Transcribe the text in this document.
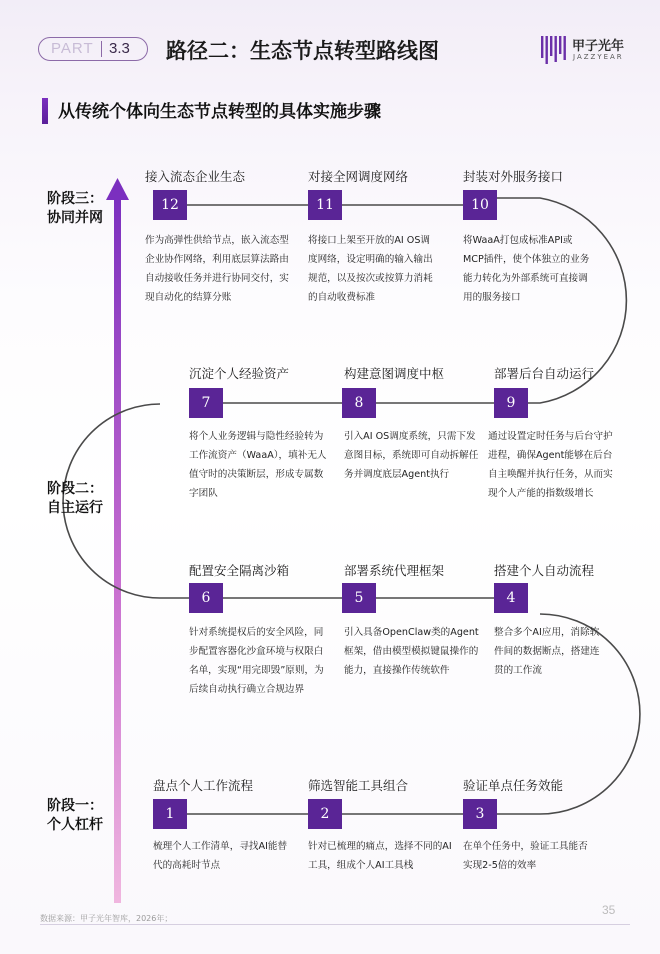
PART 3.3 路径二：生态节点转型路线图	甲子光年
JAZZYEAR
从传统个体向生态节点转型的具体实施步骤
阶段三：
协同并网
阶段二：
自主运行
阶段一：
个人杠杆
盘点个人工作流程
1
梳理个人工作清单，寻找AI能替代的高耗时节点
筛选智能工具组合
2
针对已梳理的痛点，选择不同的AI工具，组成个人AI工具栈
验证单点任务效能
3
在单个任务中，验证工具能否实现2-5倍的效率
搭建个人自动流程
4
整合多个AI应用，消除软件间的数据断点，搭建连贯的工作流
部署系统代理框架
5
引入具备OpenClaw类的Agent框架，借由模型模拟键鼠操作的能力，直接操作传统软件
配置安全隔离沙箱
6
针对系统提权后的安全风险，同步配置容器化沙盒环境与权限白名单，实现“用完即毁”原则，为后续自动执行确立合规边界
沉淀个人经验资产
7
将个人业务逻辑与隐性经验转为工作流资产（WaaA），填补无人值守时的决策断层，形成专属数字团队
构建意图调度中枢
8
引入AI OS调度系统，只需下发意图目标，系统即可自动拆解任务并调度底层Agent执行
部署后台自动运行
9
通过设置定时任务与后台守护进程，确保Agent能够在后台自主唤醒并执行任务，从而实现个人产能的指数级增长
封装对外服务接口
10
将WaaA打包成标准API或MCP插件，使个体独立的业务能力转化为外部系统可直接调用的服务接口
对接全网调度网络
11
将接口上架至开放的AI OS调度网络，设定明确的输入输出规范，以及按次或按算力消耗的自动收费标准
接入流态企业生态
12
作为高弹性供给节点，嵌入流态型企业协作网络，利用底层算法路由自动接收任务并进行协同交付，实现自动化的结算分账
数据来源：甲子光年智库，2026年；
35
